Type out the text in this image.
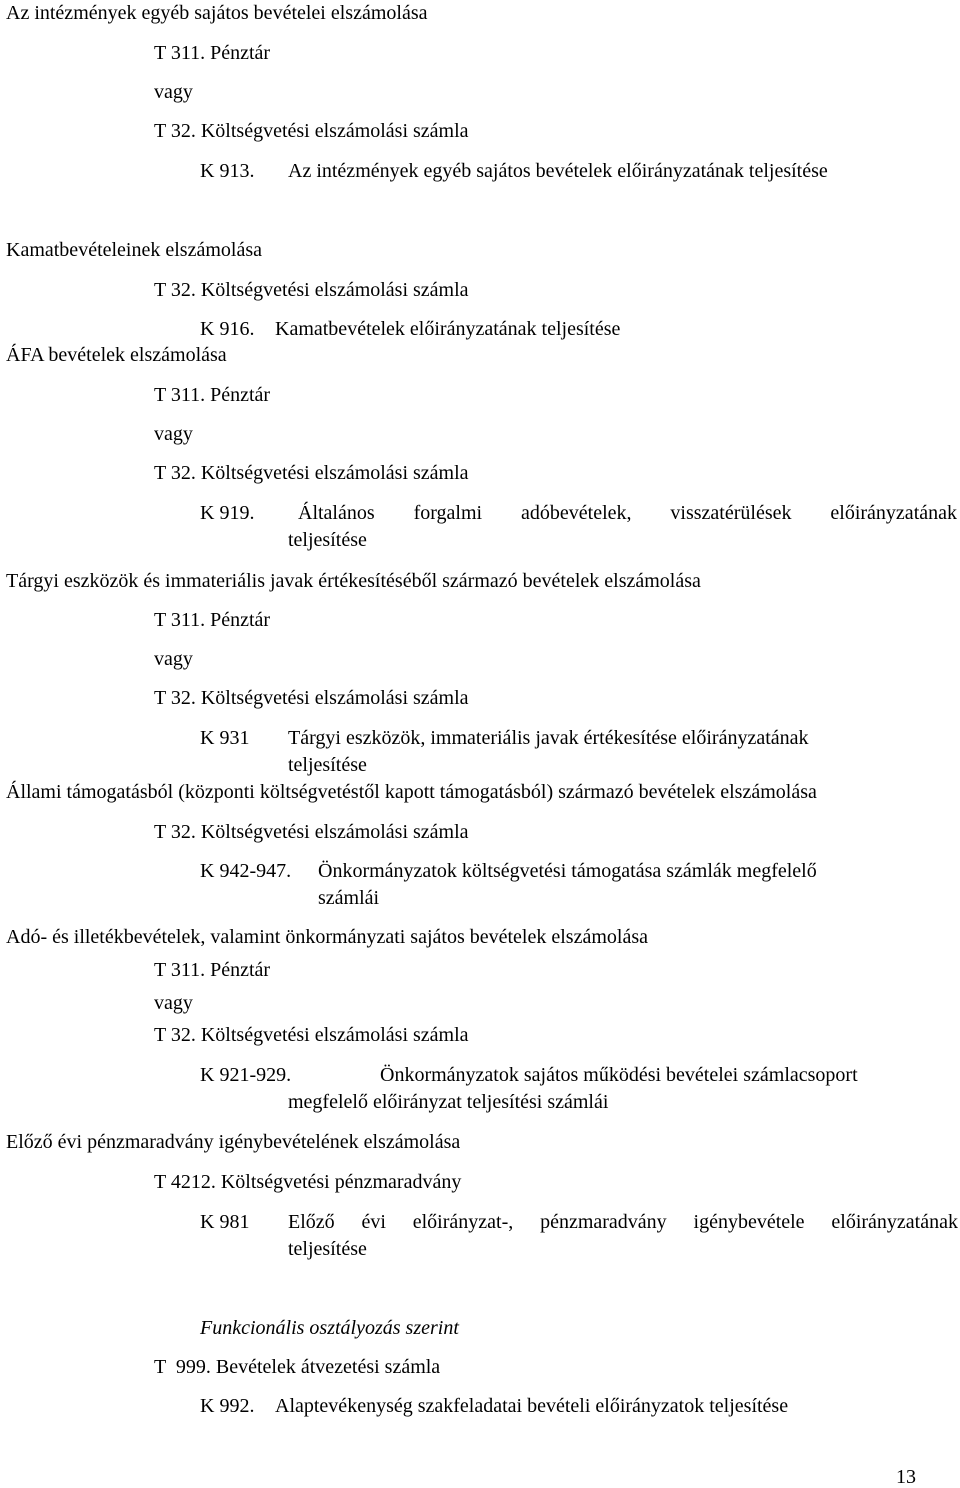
Az intézmények egyéb sajátos bevételei elszámolása
T 311. Pénztár
vagy
T 32. Költségvetési elszámolási számla
K 913.	Az intézmények egyéb sajátos bevételek előirányzatának teljesítése
Kamatbevételeinek elszámolása
T 32. Költségvetési elszámolási számla
K 916.	Kamatbevételek előirányzatának teljesítése
ÁFA bevételek elszámolása
T 311. Pénztár
vagy
T 32. Költségvetési elszámolási számla
K 919. Általános forgalmi adóbevételek, visszatérülések előirányzatának
teljesítése
Tárgyi eszközök és immateriális javak értékesítéséből származó bevételek elszámolása
T 311. Pénztár
vagy
T 32. Költségvetési elszámolási számla
K 931 Tárgyi eszközök, immateriális javak értékesítése előirányzatának
teljesítése
Állami támogatásból (központi költségvetéstől kapott támogatásból) származó bevételek elszámolása
T 32. Költségvetési elszámolási számla
K 942-947. Önkormányzatok költségvetési támogatása számlák megfelelő
számlái
Adó- és illetékbevételek, valamint önkormányzati sajátos bevételek elszámolása
T 311. Pénztár
vagy
T 32. Költségvetési elszámolási számla
K 921-929.	Önkormányzatok sajátos működési bevételei számlacsoport
megfelelő előirányzat teljesítési számlái
Előző évi pénzmaradvány igénybevételének elszámolása
T 4212. Költségvetési pénzmaradvány
K 981 Előző évi előirányzat-, pénzmaradvány igénybevétele előirányzatának
teljesítése
Funkcionális osztályozás szerint
T  999. Bevételek átvezetési számla
K 992.	Alaptevékenység szakfeladatai bevételi előirányzatok teljesítése
13
